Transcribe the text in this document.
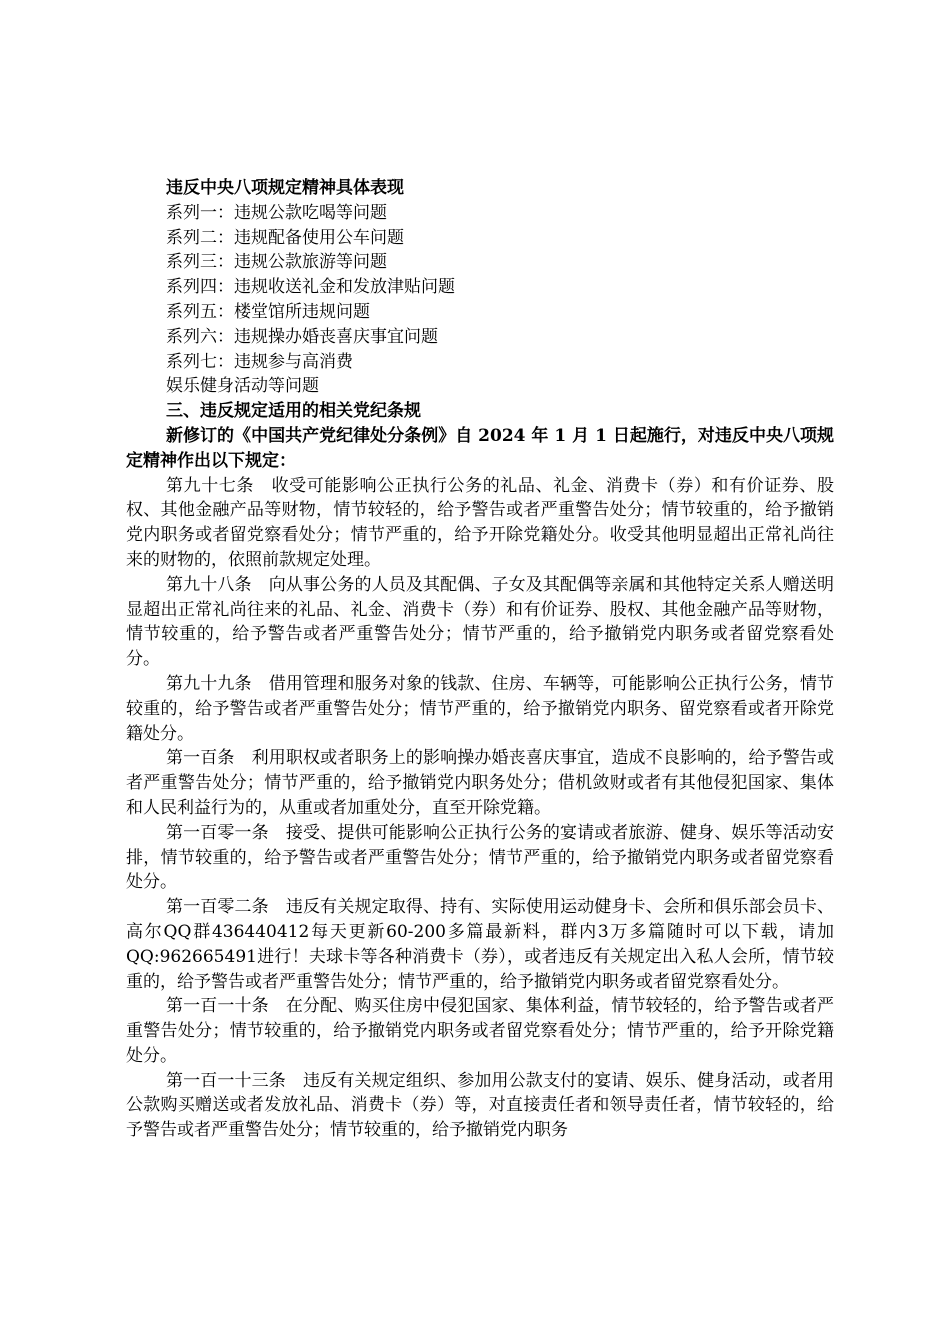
违反中央八项规定精神具体表现

系列一：违规公款吃喝等问题

系列二：违规配备使用公车问题

系列三：违规公款旅游等问题

系列四：违规收送礼金和发放津贴问题

系列五：楼堂馆所违规问题

系列六：违规操办婚丧喜庆事宜问题

系列七：违规参与高消费

娱乐健身活动等问题

三、违反规定适用的相关党纪条规

新修订的《中国共产党纪律处分条例》自 2024 年 1 月 1 日起施行，对违反中央八项规定精神作出以下规定：

第九十七条　收受可能影响公正执行公务的礼品、礼金、消费卡（券）和有价证券、股权、其他金融产品等财物，情节较轻的，给予警告或者严重警告处分；情节较重的，给予撤销党内职务或者留党察看处分；情节严重的，给予开除党籍处分。收受其他明显超出正常礼尚往来的财物的，依照前款规定处理。

第九十八条　向从事公务的人员及其配偶、子女及其配偶等亲属和其他特定关系人赠送明显超出正常礼尚往来的礼品、礼金、消费卡（券）和有价证券、股权、其他金融产品等财物，情节较重的，给予警告或者严重警告处分；情节严重的，给予撤销党内职务或者留党察看处分。

第九十九条　借用管理和服务对象的钱款、住房、车辆等，可能影响公正执行公务，情节较重的，给予警告或者严重警告处分；情节严重的，给予撤销党内职务、留党察看或者开除党籍处分。

第一百条　利用职权或者职务上的影响操办婚丧喜庆事宜，造成不良影响的，给予警告或者严重警告处分；情节严重的，给予撤销党内职务处分；借机敛财或者有其他侵犯国家、集体和人民利益行为的，从重或者加重处分，直至开除党籍。

第一百零一条　接受、提供可能影响公正执行公务的宴请或者旅游、健身、娱乐等活动安排，情节较重的，给予警告或者严重警告处分；情节严重的，给予撤销党内职务或者留党察看处分。

第一百零二条　违反有关规定取得、持有、实际使用运动健身卡、会所和俱乐部会员卡、高尔QQ群436440412每天更新60-200多篇最新料，群内3万多篇随时可以下载，请加QQ:962665491进行！夫球卡等各种消费卡（券），或者违反有关规定出入私人会所，情节较重的，给予警告或者严重警告处分；情节严重的，给予撤销党内职务或者留党察看处分。

第一百一十条　在分配、购买住房中侵犯国家、集体利益，情节较轻的，给予警告或者严重警告处分；情节较重的，给予撤销党内职务或者留党察看处分；情节严重的，给予开除党籍处分。

第一百一十三条　违反有关规定组织、参加用公款支付的宴请、娱乐、健身活动，或者用公款购买赠送或者发放礼品、消费卡（券）等，对直接责任者和领导责任者，情节较轻的，给予警告或者严重警告处分；情节较重的，给予撤销党内职务
